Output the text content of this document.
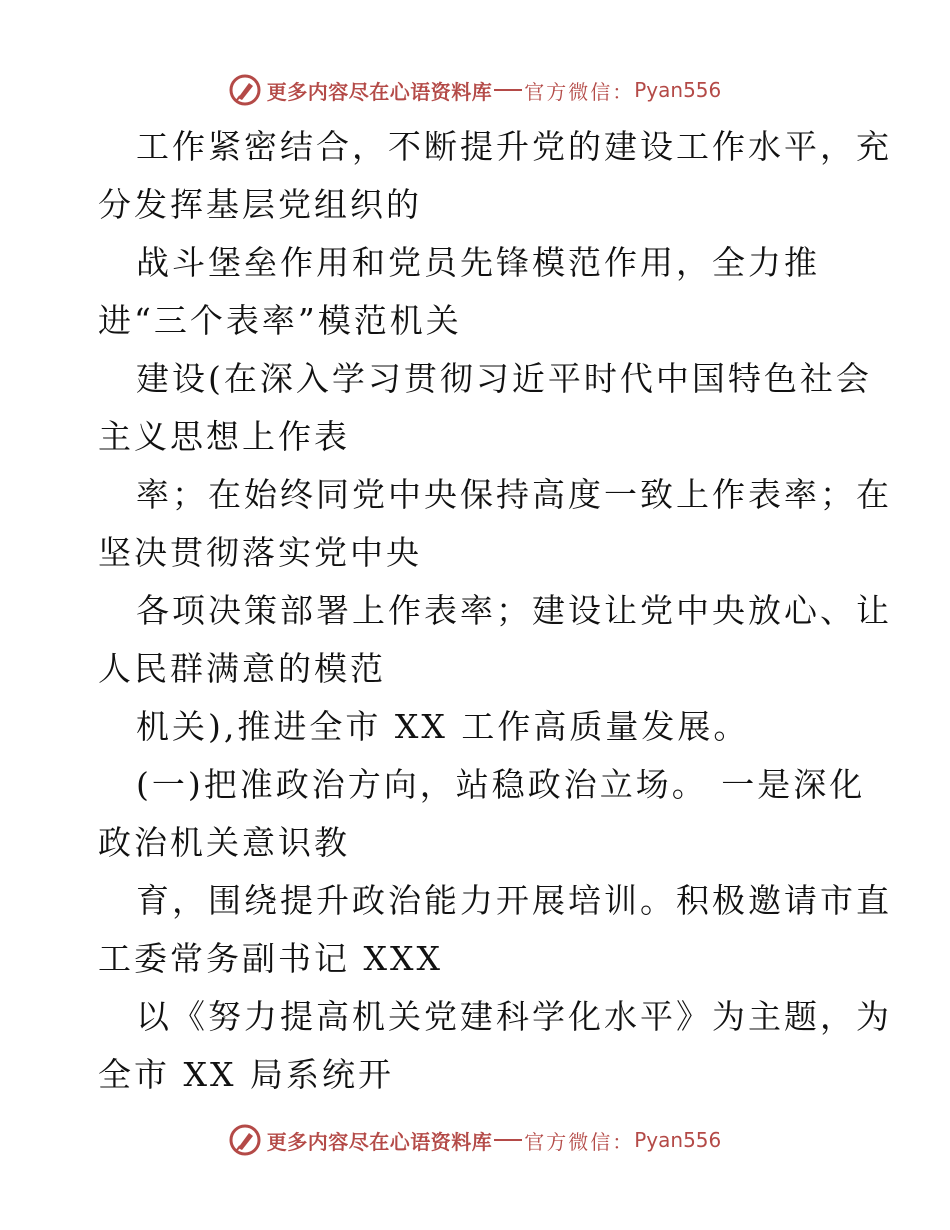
更多内容尽在心语资料库 官方微信： Pyan556
工作紧密结合，不断提升党的建设工作水平，充
分发挥基层党组织的
战斗堡垒作用和党员先锋模范作用，全力推
进“三个表率”模范机关
建设(在深入学习贯彻习近平时代中国特色社会
主义思想上作表
率；在始终同党中央保持高度一致上作表率；在
坚决贯彻落实党中央
各项决策部署上作表率；建设让党中央放心、让
人民群满意的模范
机关),推进全市 XX 工作高质量发展。
(一)把准政治方向，站稳政治立场。 一是深化
政治机关意识教
育，围绕提升政治能力开展培训。积极邀请市直
工委常务副书记 XXX
以《努力提高机关党建科学化水平》为主题，为
全市 XX 局系统开
更多内容尽在心语资料库 官方微信： Pyan556
